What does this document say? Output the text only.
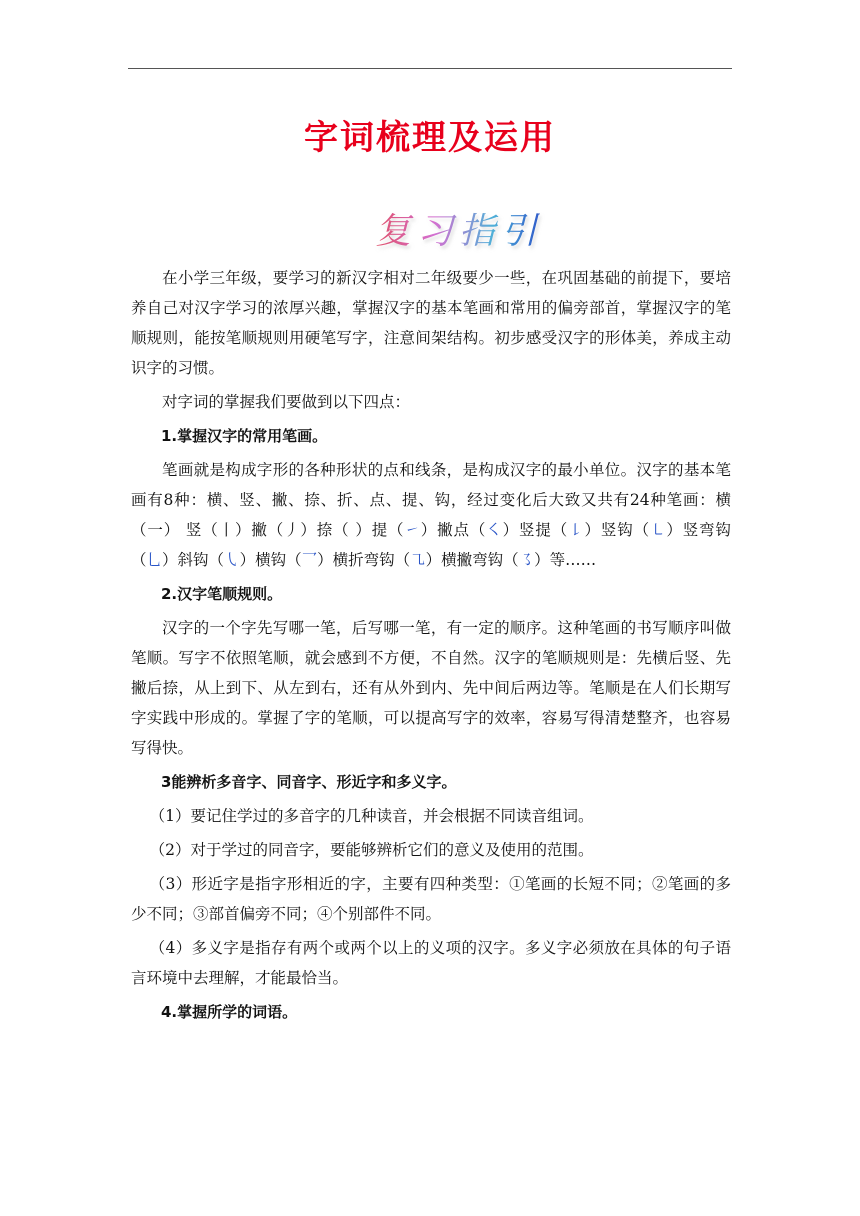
字词梳理及运用
复习指引

在小学三年级，要学习的新汉字相对二年级要少一些，在巩固基础的前提下，要培养自己对汉字学习的浓厚兴趣，掌握汉字的基本笔画和常用的偏旁部首，掌握汉字的笔顺规则，能按笔顺规则用硬笔写字，注意间架结构。初步感受汉字的形体美，养成主动识字的习惯。

对字词的掌握我们要做到以下四点：

1.掌握汉字的常用笔画。

笔画就是构成字形的各种形状的点和线条，是构成汉字的最小单位。汉字的基本笔画有8种：横、竖、撇、捺、折、点、提、钩，经过变化后大致又共有24种笔画：横（一） 竖（丨）撇（丿）捺（ ）提（㇀）撇点（㇛）竖提（㇙）竖钩（㇄）竖弯钩（乚）斜钩（㇂）横钩（乛）横折弯钩（㇈）横撇弯钩（㇌）等……

2.汉字笔顺规则。

汉字的一个字先写哪一笔，后写哪一笔，有一定的顺序。这种笔画的书写顺序叫做笔顺。写字不依照笔顺，就会感到不方便，不自然。汉字的笔顺规则是：先横后竖、先撇后捺，从上到下、从左到右，还有从外到内、先中间后两边等。笔顺是在人们长期写字实践中形成的。掌握了字的笔顺，可以提高写字的效率，容易写得清楚整齐，也容易写得快。

3能辨析多音字、同音字、形近字和多义字。

（1）要记住学过的多音字的几种读音，并会根据不同读音组词。

（2）对于学过的同音字，要能够辨析它们的意义及使用的范围。

（3）形近字是指字形相近的字，主要有四种类型：①笔画的长短不同；②笔画的多少不同；③部首偏旁不同；④个别部件不同。

（4）多义字是指存有两个或两个以上的义项的汉字。多义字必须放在具体的句子语言环境中去理解，才能最恰当。

4.掌握所学的词语。
